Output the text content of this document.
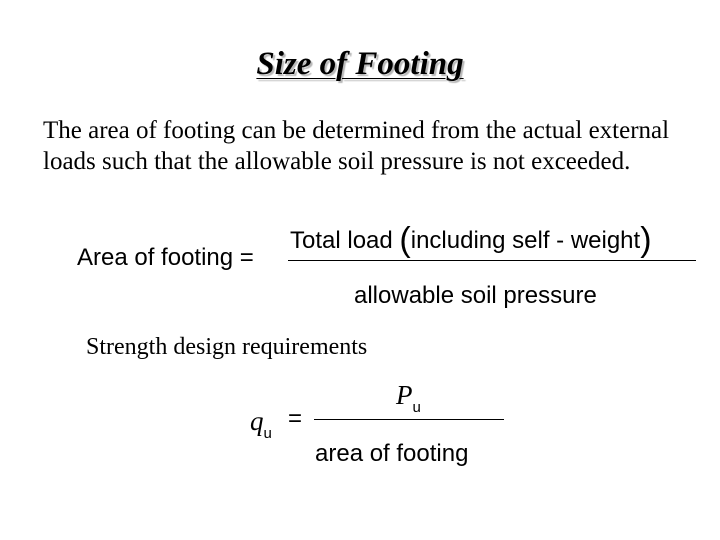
Size of Footing
The area of footing can be determined from the actual external loads such that the allowable soil pressure is not exceeded.
Area of footing =
Total load (including self - weight)
allowable soil pressure
Strength design requirements
$q_u$
=
$P_u$
area of footing
